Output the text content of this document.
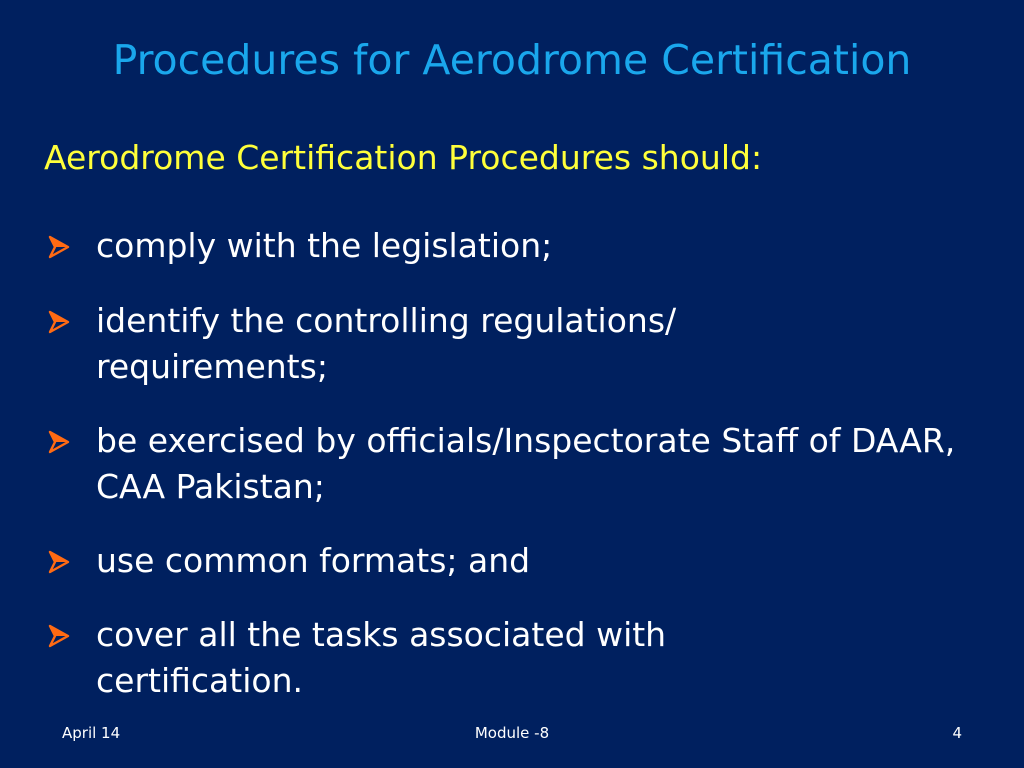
Procedures for Aerodrome Certification
Aerodrome Certification Procedures should:
comply with the legislation;
identify the controlling regulations/ requirements;
be exercised by officials/Inspectorate Staff of DAAR, CAA Pakistan;
use common formats; and
cover all the tasks associated with certification.
April 14	Module -8	4
